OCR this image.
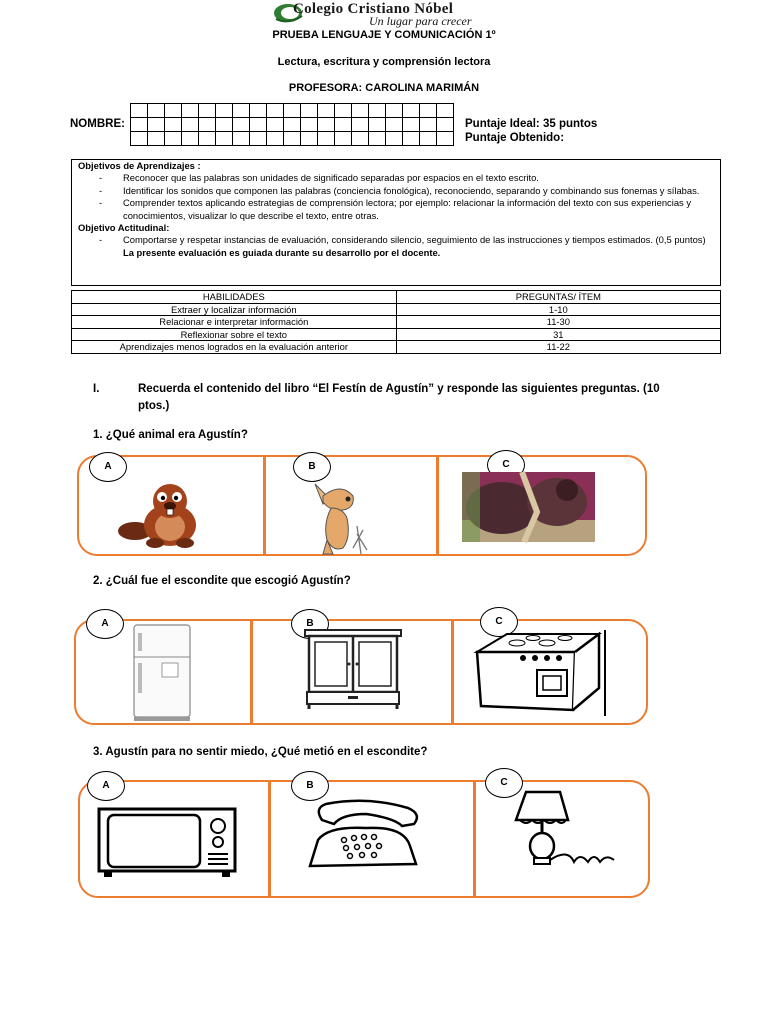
Colegio Cristiano Nóbel
Un lugar para crecer
PRUEBA LENGUAJE Y COMUNICACIÓN 1º
Lectura, escritura y comprensión lectora
PROFESORA: CAROLINA MARIMÁN
NOMBRE:

																			Puntaje Ideal: 35 puntos
Puntaje Obtenido:
Objetivos de Aprendizajes :
-	Reconocer que las palabras son unidades de significado separadas por espacios en el texto escrito.
-	Identificar los sonidos que componen las palabras (conciencia fonológica), reconociendo, separando y combinando sus fonemas y sílabas.
-	Comprender textos aplicando estrategias de comprensión lectora; por ejemplo: relacionar la información del texto con sus experiencias y conocimientos, visualizar lo que describe el texto, entre otras.
Objetivo Actitudinal:
-	Comportarse y respetar instancias de evaluación, considerando silencio, seguimiento de las instrucciones y tiempos estimados. (0,5 puntos)
La presente evaluación es guiada durante su desarrollo por el docente.
HABILIDADES	PREGUNTAS/ ÍTEM
Extraer y localizar información	1-10
Relacionar e interpretar información	11-30
Reflexionar sobre el texto	31
Aprendizajes menos logrados en la evaluación anterior	11-22
I.	Recuerda el contenido del libro “El Festín de Agustín” y responde las siguientes preguntas. (10 ptos.)
1. ¿Qué animal era Agustín?
A	B	C
2. ¿Cuál fue el escondite que escogió Agustín?
A	B	C
3. Agustín para no sentir miedo, ¿Qué metió en el escondite?
A	B	C
